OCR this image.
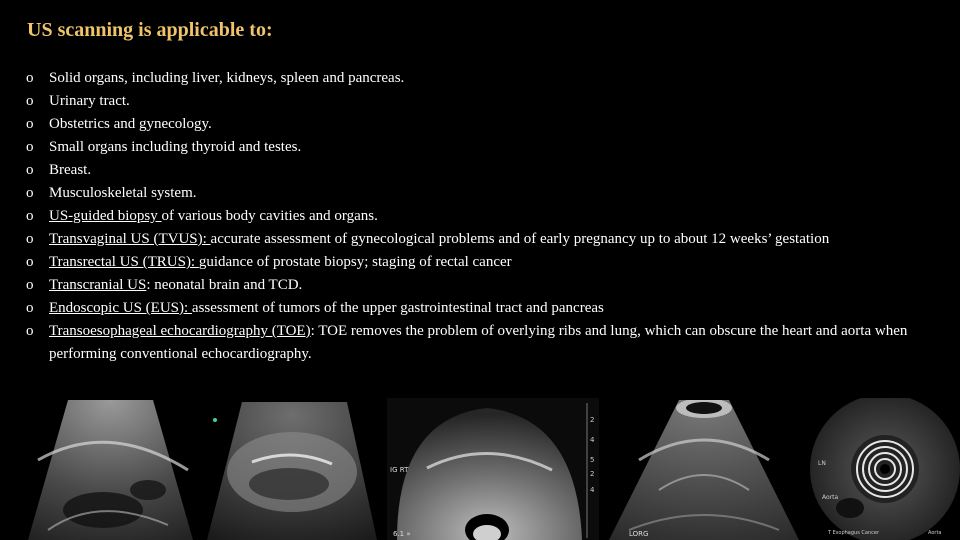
US scanning is applicable to:
o Solid organs, including liver, kidneys, spleen and pancreas.
o Urinary tract.
o Obstetrics and gynecology.
o Small organs including thyroid and testes.
o Breast.
o Musculoskeletal system.
o US-guided biopsy of various body cavities and organs.
o Transvaginal US (TVUS): accurate assessment of gynecological problems and of early pregnancy up to about 12 weeks’ gestation
o Transrectal US (TRUS): guidance of prostate biopsy; staging of rectal cancer
o Transcranial US: neonatal brain and TCD.
o Endoscopic US (EUS): assessment of tumors of the upper gastrointestinal tract and pancreas
o Transoesophageal echocardiography (TOE): TOE removes the problem of overlying ribs and lung, which can obscure the heart and aorta when performing conventional echocardiography.
IG RT
2
4
5
2
4
6.1 »	LORG
LN
Aorta
T Esophagus Cancer	Aorta
